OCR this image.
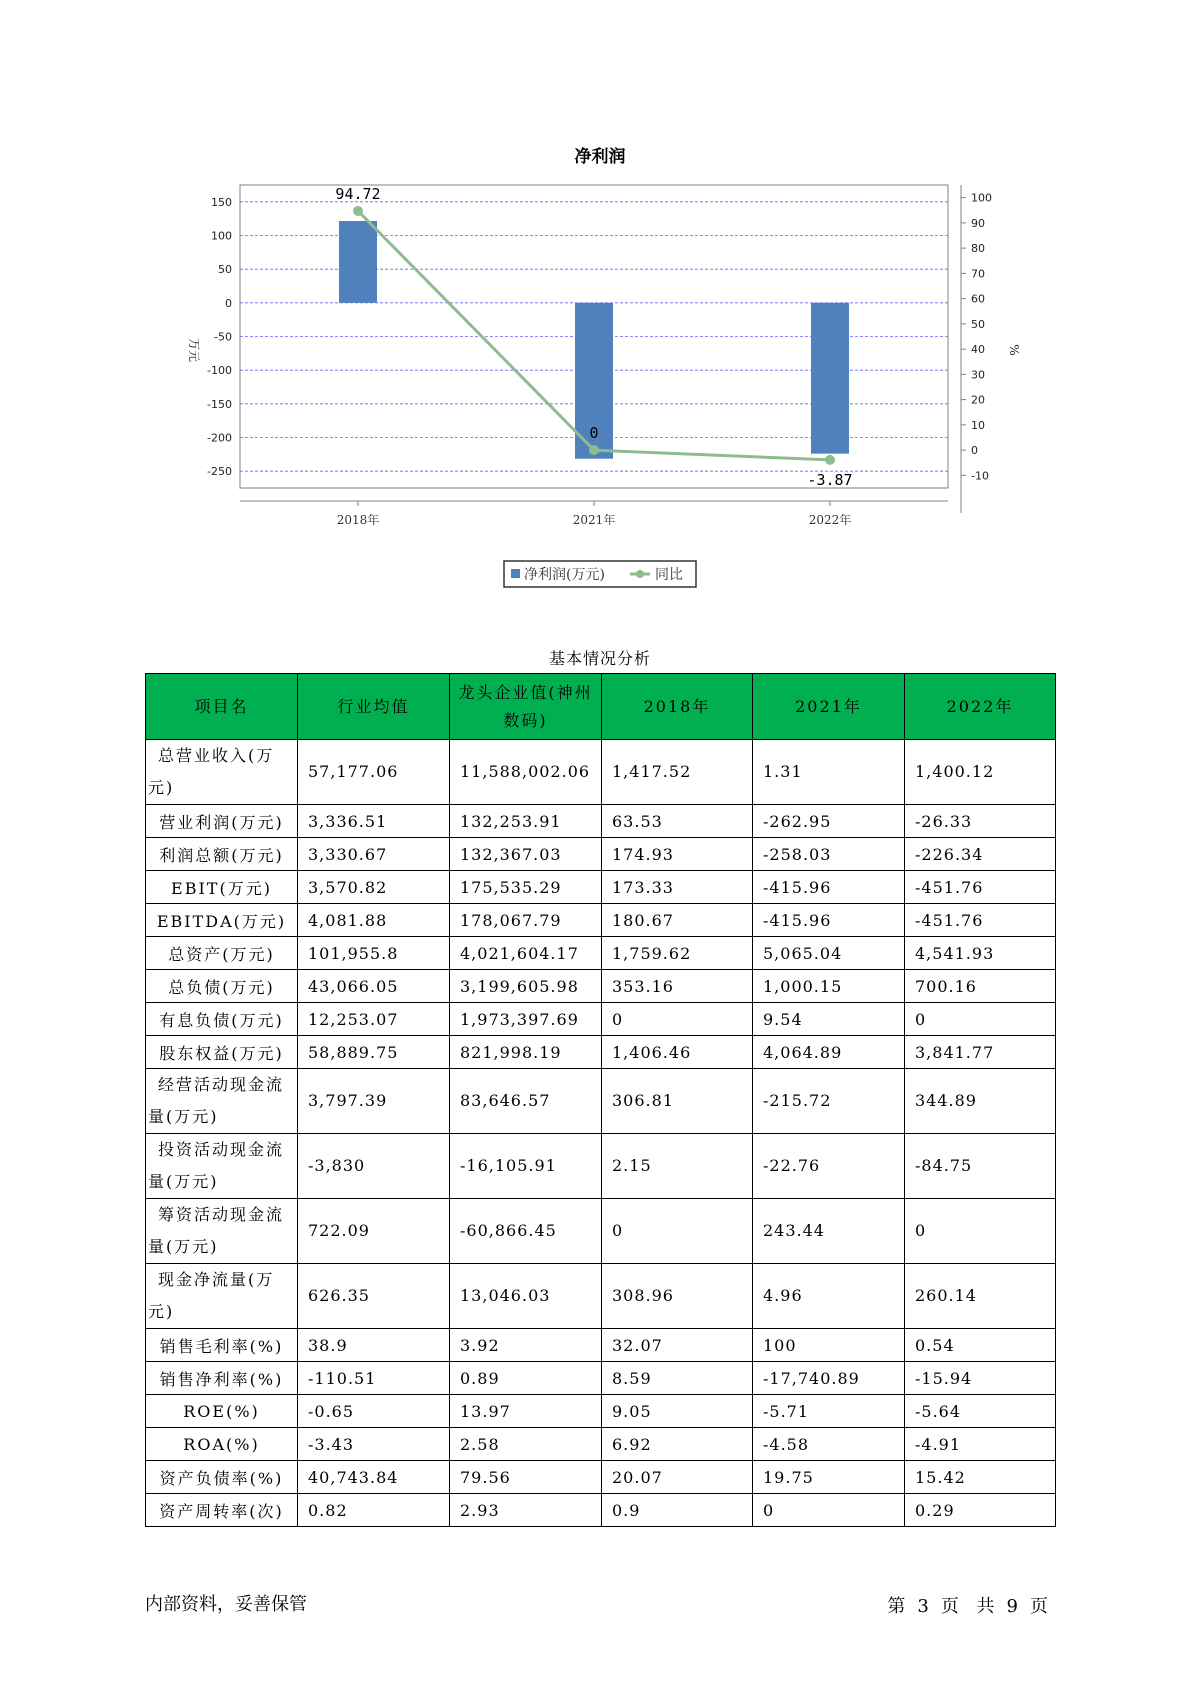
净利润
150
100
50
0
-50
-100
-150
-200
-250
100
90
80
70
60
50
40
30
20
10
0
-10
94.72
0
-3.87
2018年	2021年	2022年
万元	%
净利润(万元)	同比
基本情况分析
项目名	行业均值	龙头企业值(神州数码)	2018年	2021年	2022年
总营业收入(万元)	57,177.06	11,588,002.06	1,417.52	1.31	1,400.12
营业利润(万元)	3,336.51	132,253.91	63.53	-262.95	-26.33
利润总额(万元)	3,330.67	132,367.03	174.93	-258.03	-226.34
EBIT(万元)	3,570.82	175,535.29	173.33	-415.96	-451.76
EBITDA(万元)	4,081.88	178,067.79	180.67	-415.96	-451.76
总资产(万元)	101,955.8	4,021,604.17	1,759.62	5,065.04	4,541.93
总负债(万元)	43,066.05	3,199,605.98	353.16	1,000.15	700.16
有息负债(万元)	12,253.07	1,973,397.69	0	9.54	0
股东权益(万元)	58,889.75	821,998.19	1,406.46	4,064.89	3,841.77
经营活动现金流量(万元)	3,797.39	83,646.57	306.81	-215.72	344.89
投资活动现金流量(万元)	-3,830	-16,105.91	2.15	-22.76	-84.75
筹资活动现金流量(万元)	722.09	-60,866.45	0	243.44	0
现金净流量(万元)	626.35	13,046.03	308.96	4.96	260.14
销售毛利率(%)	38.9	3.92	32.07	100	0.54
销售净利率(%)	-110.51	0.89	8.59	-17,740.89	-15.94
ROE(%)	-0.65	13.97	9.05	-5.71	-5.64
ROA(%)	-3.43	2.58	6.92	-4.58	-4.91
资产负债率(%)	40,743.84	79.56	20.07	19.75	15.42
资产周转率(次)	0.82	2.93	0.9	0	0.29
内部资料，妥善保管	第 3 页 共 9 页
